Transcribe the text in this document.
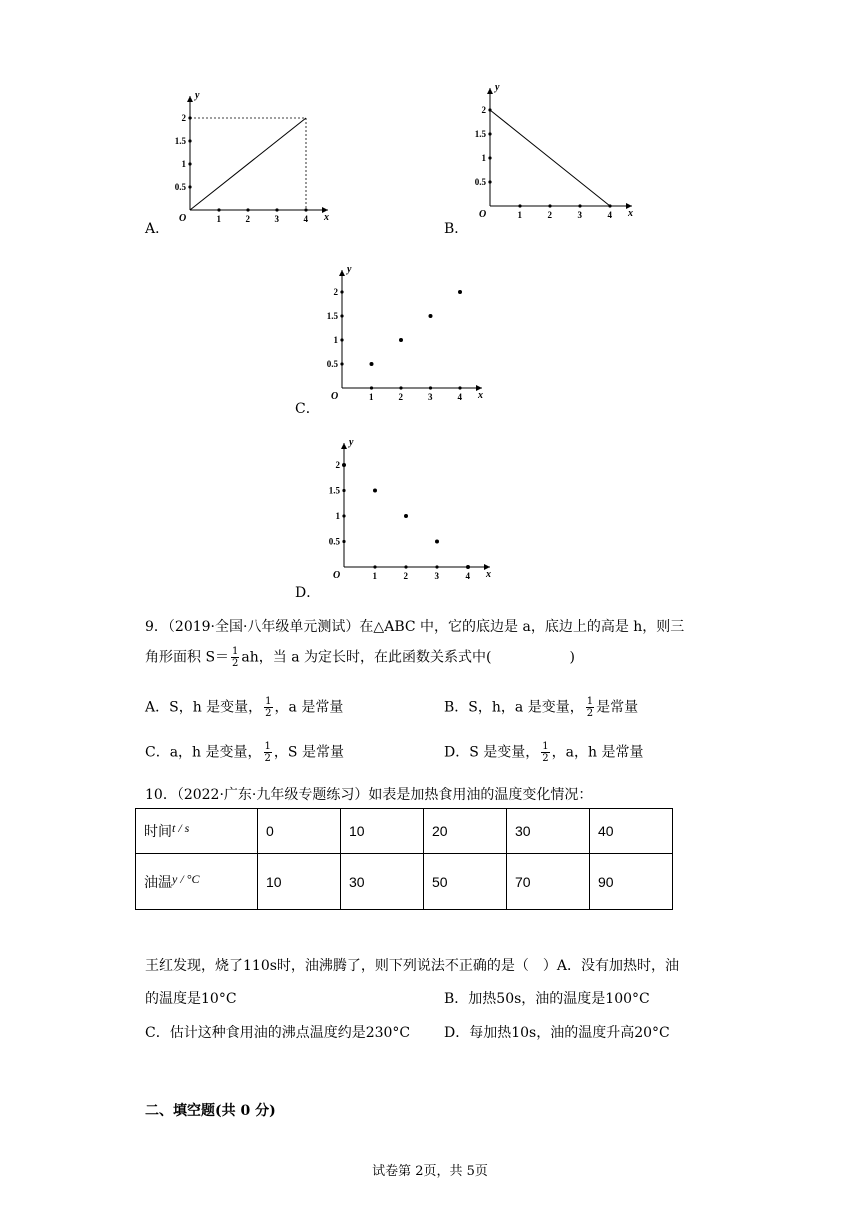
x
y
O	1	2	3	4
0.5
1
1.5
2
A．
x
y
O	1	2	3	4
0.5
1
1.5
2
B．
x
y
O	1	2	3	4
0.5
1
1.5
2
C．
x
y
O	1	2	3	4
0.5
1
1.5
2
D．
9．（2019·全国·八年级单元测试）在△ABC 中，它的底边是 a，底边上的高是 h，则三
角形面积 $S= \frac{1}{2}$ ah，当 a 为定长时，在此函数关系式中(	)
A．S，h 是变量， $\frac{1}{2}$ ，a 是常量	B．S，h，a 是变量， $\frac{1}{2}$ 是常量
C．a，h 是变量， $\frac{1}{2}$ ，S 是常量	D．S 是变量， $\frac{1}{2}$ ，a，h 是常量
10．（2022·广东·九年级专题练习）如表是加热食用油的温度变化情况：
时间t / s	0	10	20	30	40
油温y / °C	10	30	50	70	90
王红发现，烧了110s时，油沸腾了，则下列说法不正确的是（　）A．没有加热时，油
的温度是10°C	B．加热50s，油的温度是100°C
C．估计这种食用油的沸点温度约是230°C D．每加热10s，油的温度升高20°C
二、填空题(共 0 分)
试卷第 2页，共 5页
